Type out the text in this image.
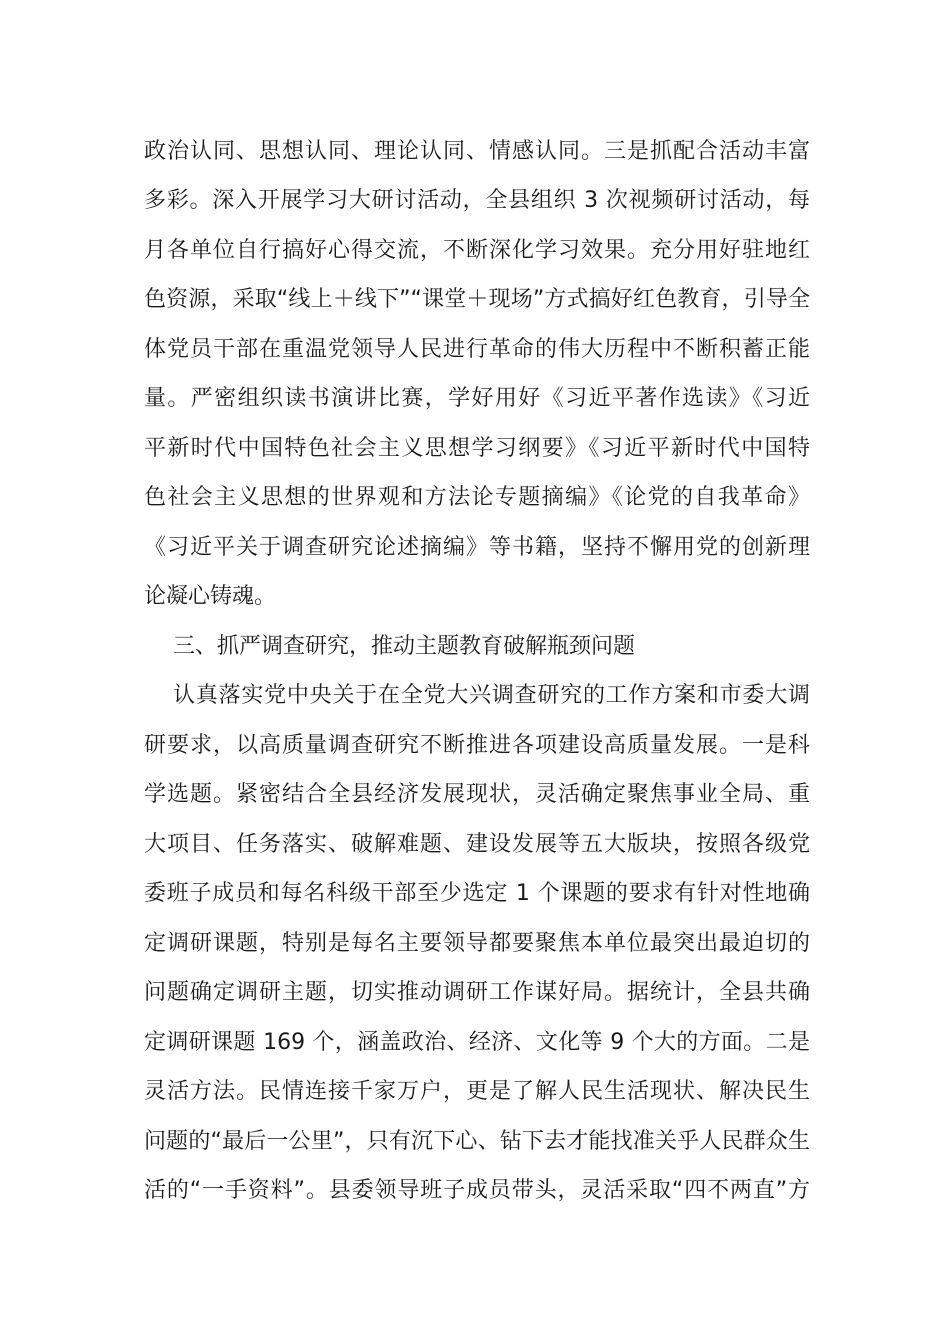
政治认同、思想认同、理论认同、情感认同。三是抓配合活动丰富
多彩。深入开展学习大研讨活动，全县组织 3 次视频研讨活动，每
月各单位自行搞好心得交流，不断深化学习效果。充分用好驻地红
色资源，采取“线上＋线下”“课堂＋现场”方式搞好红色教育，引导全
体党员干部在重温党领导人民进行革命的伟大历程中不断积蓄正能
量。严密组织读书演讲比赛，学好用好《习近平著作选读》《习近
平新时代中国特色社会主义思想学习纲要》《习近平新时代中国特
色社会主义思想的世界观和方法论专题摘编》《论党的自我革命》
《习近平关于调查研究论述摘编》等书籍，坚持不懈用党的创新理
论凝心铸魂。
三、抓严调查研究，推动主题教育破解瓶颈问题
认真落实党中央关于在全党大兴调查研究的工作方案和市委大调
研要求，以高质量调查研究不断推进各项建设高质量发展。一是科
学选题。紧密结合全县经济发展现状，灵活确定聚焦事业全局、重
大项目、任务落实、破解难题、建设发展等五大版块，按照各级党
委班子成员和每名科级干部至少选定 1 个课题的要求有针对性地确
定调研课题，特别是每名主要领导都要聚焦本单位最突出最迫切的
问题确定调研主题，切实推动调研工作谋好局。据统计，全县共确
定调研课题 169 个，涵盖政治、经济、文化等 9 个大的方面。二是
灵活方法。民情连接千家万户，更是了解人民生活现状、解决民生
问题的“最后一公里”，只有沉下心、钻下去才能找准关乎人民群众生
活的“一手资料”。县委领导班子成员带头，灵活采取“四不两直”方
